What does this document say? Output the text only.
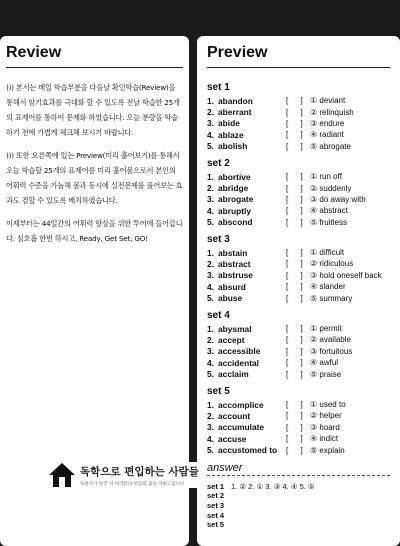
Review

))) 본서는 매일 학습부분을 다음날 확인학습(Review)을 통해서 암기효과를 극대화 할 수 있도록 전날 학습한 25개의 표제어를 통하여 문제화 하였습니다. 오늘 분량을 학습하기 전에 가볍게 체크해 보시기 바랍니다.

))) 또한 오른쪽에 있는 Preview(미리 훑어보기)를 통해서 오늘 학습할 25개의 표제어를 미리 훑어봄으로서 본인의 어휘력 수준을 가늠해 봄과 동시에 실전문제를 풀어보는 효과도 겸할 수 있도록 배치하였습니다.

이제부터는 44일간의 어휘력 향상을 위한 투어에 들어갑니다. 심호흡 한번 하시고, Ready, Get Set, GO!

Preview
set 1
1. abandon	[ ] ① deviant
2. aberrant	[ ] ② relinquish
3. abide	[ ] ③ endure
4. ablaze	[ ] ④ radiant
5. abolish	[ ] ⑤ abrogate
set 2
1. abortive	[ ] ① run off
2. abridge	[ ] ② suddenly
3. abrogate	[ ] ③ do away with
4. abruptly	[ ] ④ abstract
5. abscond	[ ] ⑤ fruitless
set 3
1. abstain	[ ] ① difficult
2. abstract	[ ] ② ridiculous
3. abstruse	[ ] ③ hold oneself back
4. absurd	[ ] ④ slander
5. abuse	[ ] ⑤ summary
set 4
1. abysmal	[ ] ① permit
2. accept	[ ] ② available
3. accessible	[ ] ③ fortuitous
4. accidental	[ ] ④ awful
5. acclaim	[ ] ⑤ praise
set 5
1. accomplice	[ ] ① used to
2. account	[ ] ② helper
3. accumulate	[ ] ③ hoard
4. accuse	[ ] ④ indict
5. accustomed to	[ ] ⑤ explain
answer
set 1 1. ② 2. ① 3. ③ 4. ④ 5. ⑤
set 2
set 3
set 4
set 5
독학으로 편입하는 사람들
독편사가 앞장 서 여러분의 편입의 꿈을 이뤄드립니다
